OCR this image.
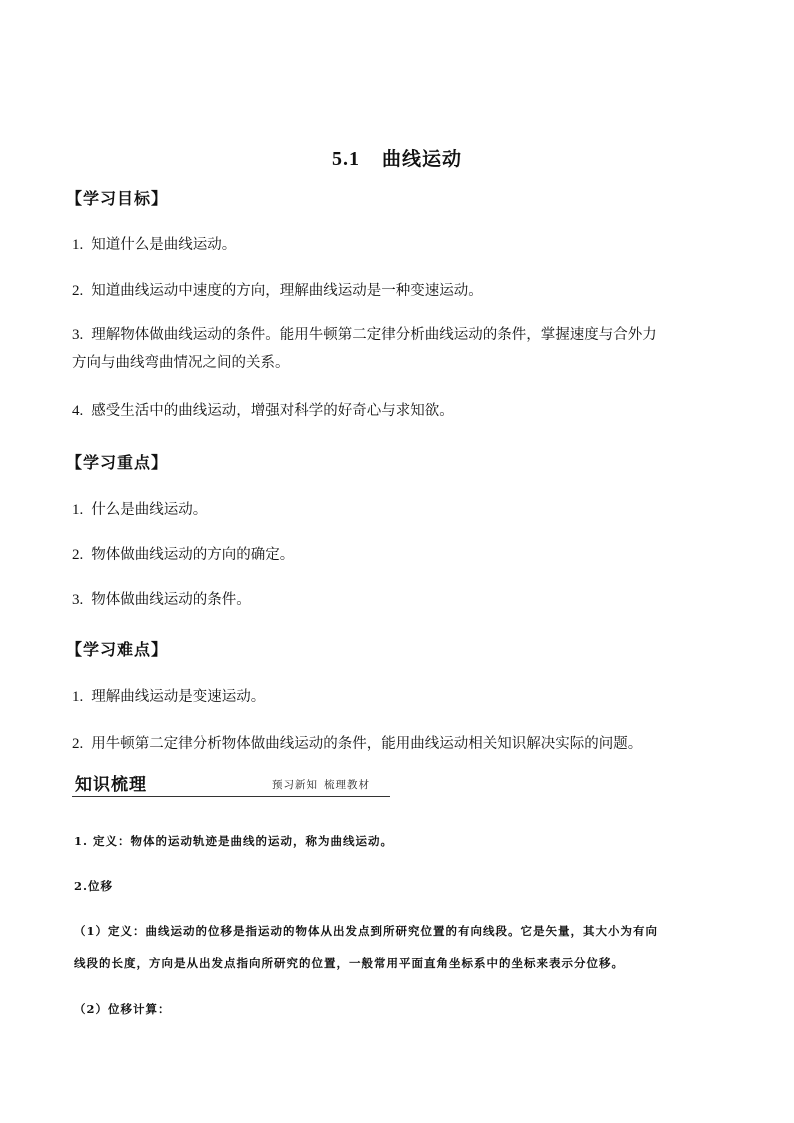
5.1 曲线运动
【学习目标】
1. 知道什么是曲线运动。
2. 知道曲线运动中速度的方向，理解曲线运动是一种变速运动。
3. 理解物体做曲线运动的条件。能用牛顿第二定律分析曲线运动的条件，掌握速度与合外力
方向与曲线弯曲情况之间的关系。
4. 感受生活中的曲线运动，增强对科学的好奇心与求知欲。
【学习重点】
1. 什么是曲线运动。
2. 物体做曲线运动的方向的确定。
3. 物体做曲线运动的条件。
【学习难点】
1. 理解曲线运动是变速运动。
2. 用牛顿第二定律分析物体做曲线运动的条件，能用曲线运动相关知识解决实际的问题。
知识梳理	预习新知 梳理教材
1. 定义：物体的运动轨迹是曲线的运动，称为曲线运动。
2.位移
（1）定义：曲线运动的位移是指运动的物体从出发点到所研究位置的有向线段。它是矢量，其大小为有向
线段的长度，方向是从出发点指向所研究的位置，一般常用平面直角坐标系中的坐标来表示分位移。
（2）位移计算：
